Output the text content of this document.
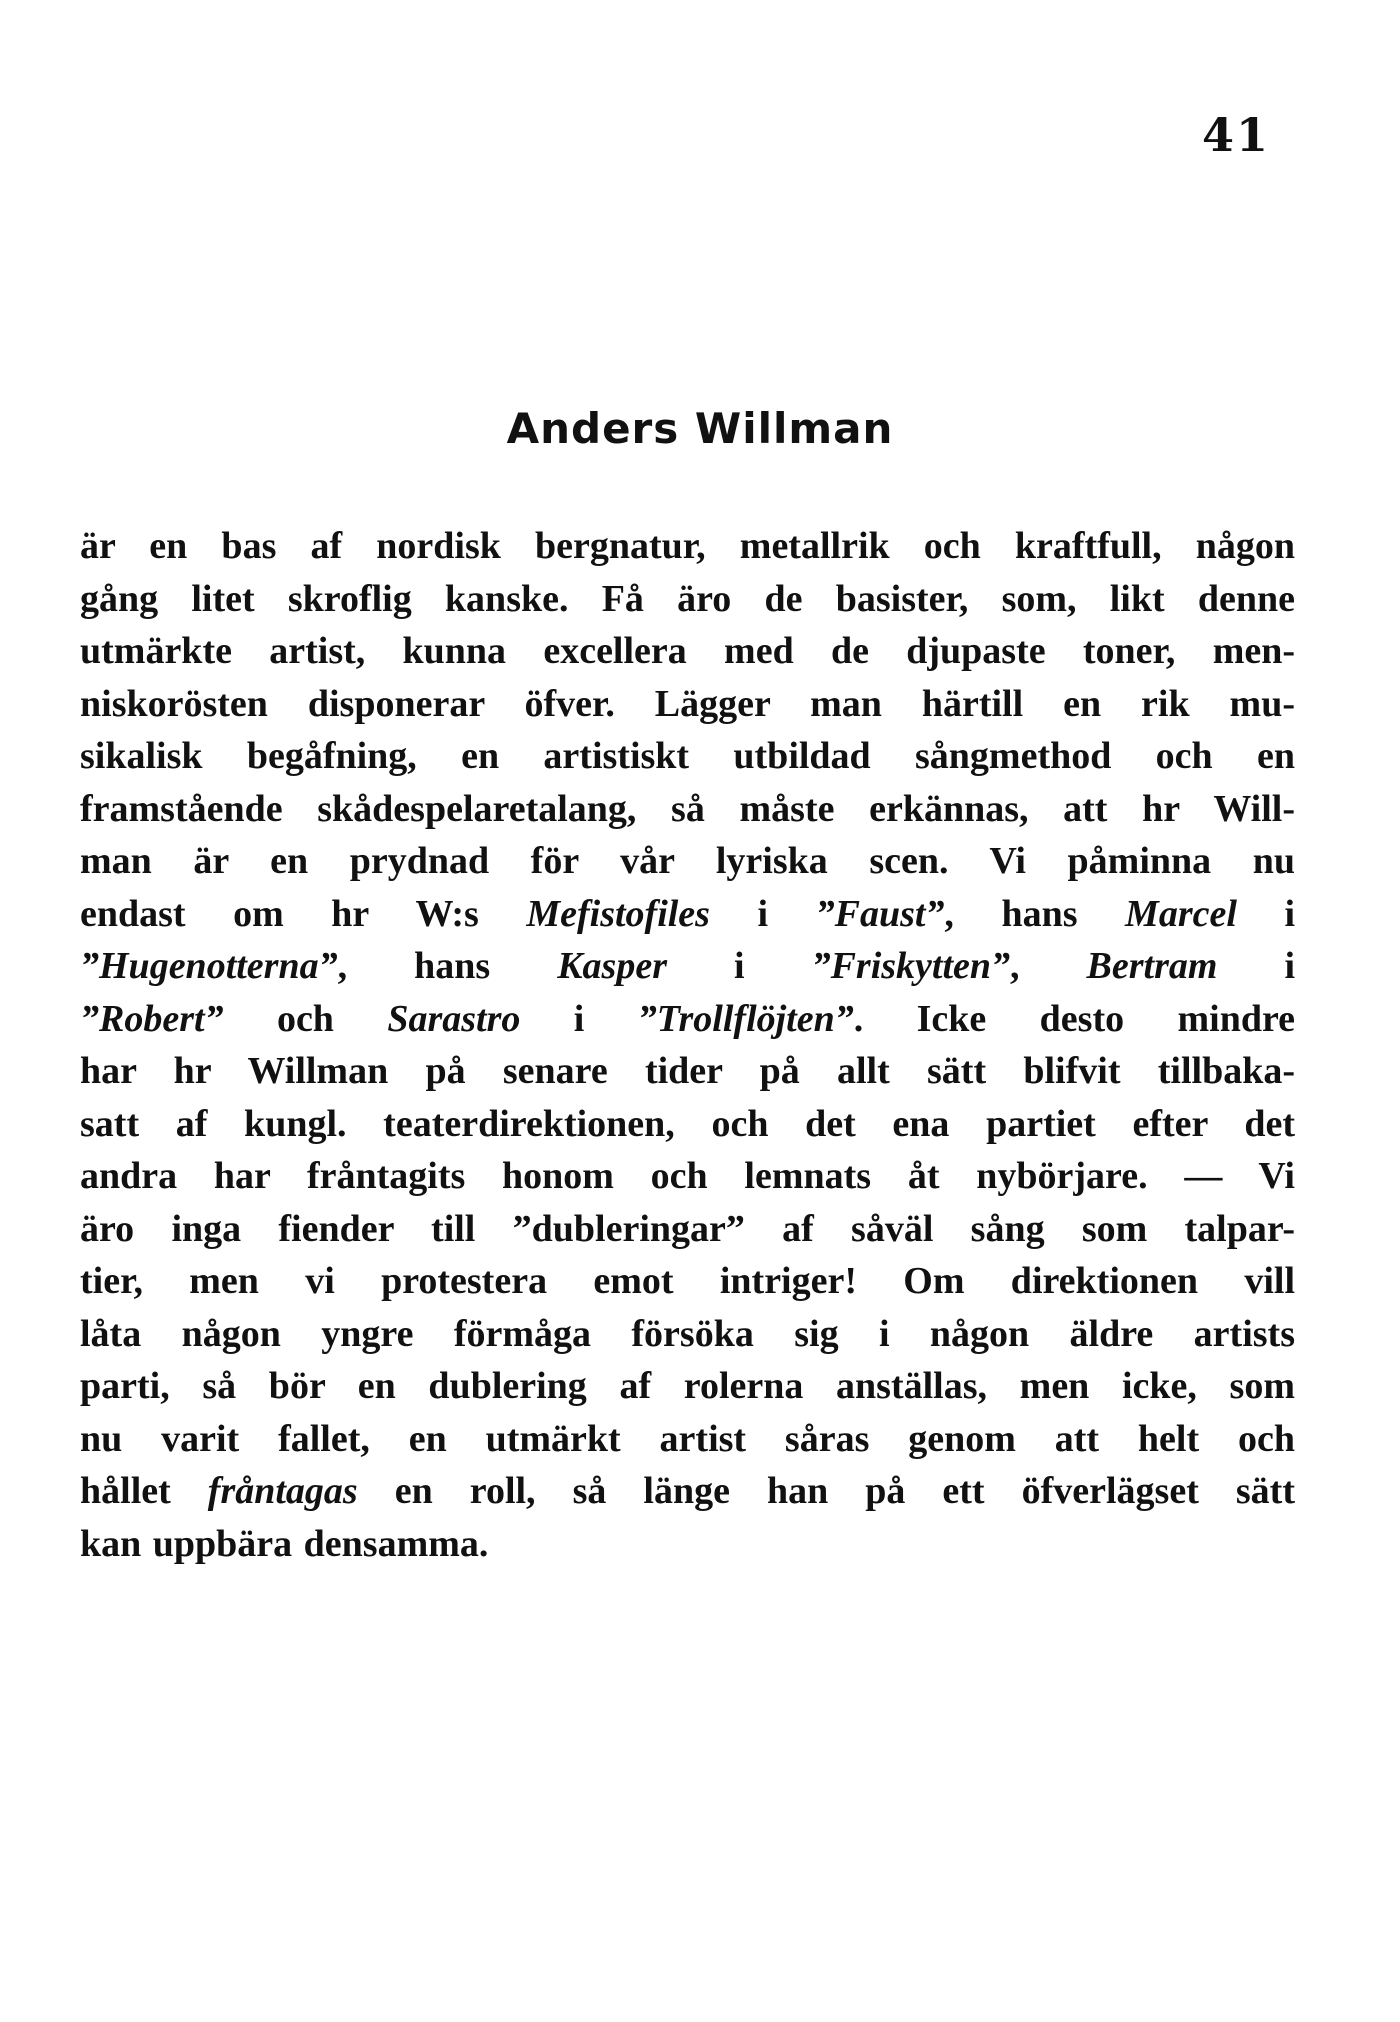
41
Anders Willman
är en bas af nordisk bergnatur, metallrik och kraftfull, någon
gång litet skroflig kanske. Få äro de basister, som, likt denne
utmärkte artist, kunna excellera med de djupaste toner, men-
niskorösten disponerar öfver. Lägger man härtill en rik mu-
sikalisk begåfning, en artistiskt utbildad sångmethod och en
framstående skådespelaretalang, så måste erkännas, att hr Will-
man är en prydnad för vår lyriska scen. Vi påminna nu
endast om hr W:s Mefistofiles i ”Faust”, hans Marcel i
”Hugenotterna”, hans Kasper i ”Friskytten”, Bertram i
”Robert” och Sarastro i ”Trollflöjten”. Icke desto mindre
har hr Willman på senare tider på allt sätt blifvit tillbaka-
satt af kungl. teaterdirektionen, och det ena partiet efter det
andra har fråntagits honom och lemnats åt nybörjare. — Vi
äro inga fiender till ”dubleringar” af såväl sång som talpar-
tier, men vi protestera emot intriger! Om direktionen vill
låta någon yngre förmåga försöka sig i någon äldre artists
parti, så bör en dublering af rolerna anställas, men icke, som
nu varit fallet, en utmärkt artist såras genom att helt och
hållet fråntagas en roll, så länge han på ett öfverlägset sätt
kan uppbära densamma.
